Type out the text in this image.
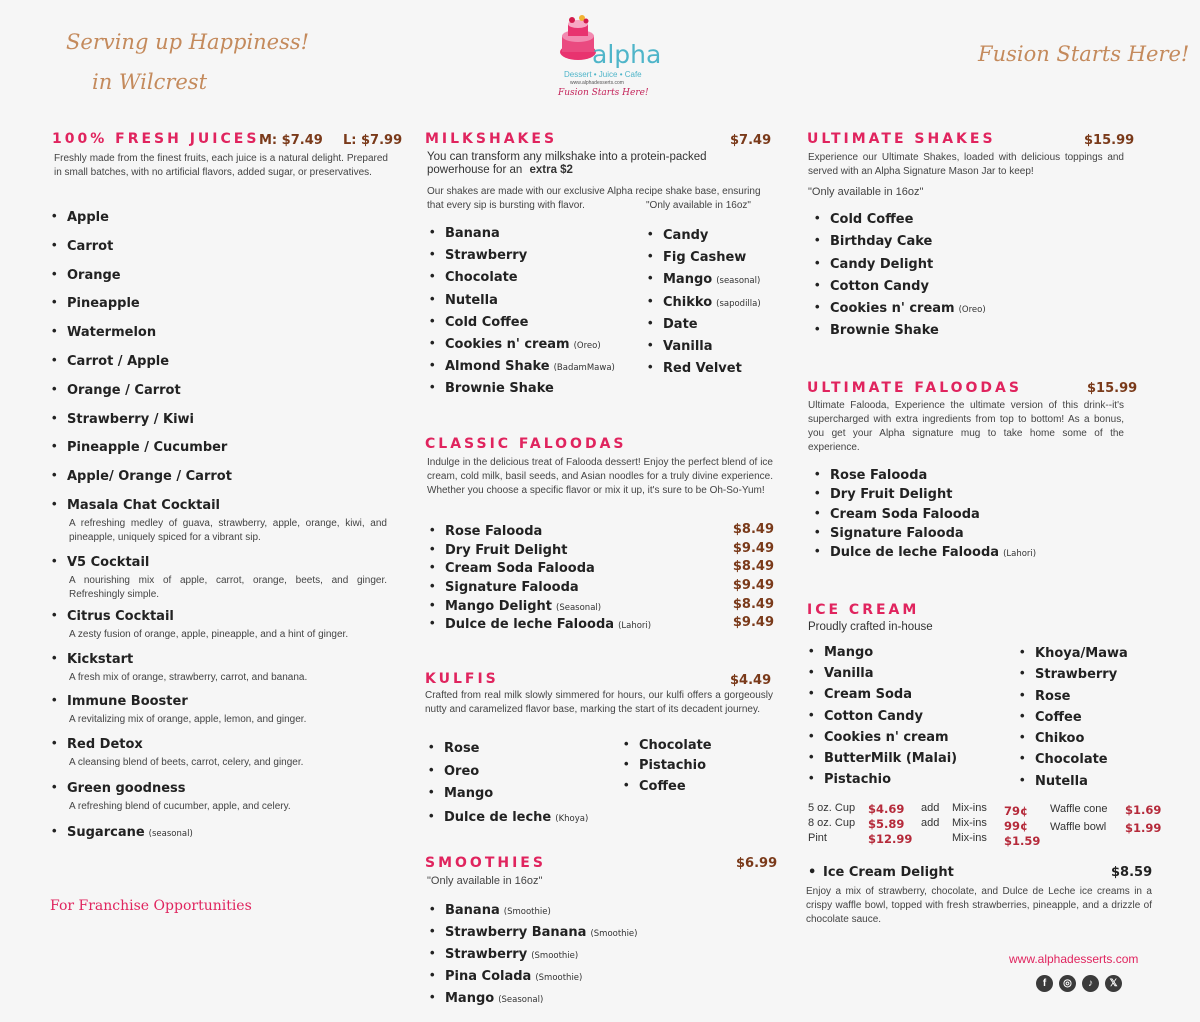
Serving up Happiness!
in Wilcrest
alpha
Dessert • Juice • Cafe
www.alphadesserts.com
Fusion Starts Here!
Fusion Starts Here!
100% FRESH JUICES M: $7.49 L: $7.99
Freshly made from the finest fruits, each juice is a natural delight. Prepared in small batches, with no artificial flavors, added sugar, or preservatives.
• Apple
• Carrot
• Orange
• Pineapple
• Watermelon
• Carrot / Apple
• Orange / Carrot
• Strawberry / Kiwi
• Pineapple / Cucumber
• Apple/ Orange / Carrot
• Masala Chat Cocktail
A refreshing medley of guava, strawberry, apple, orange, kiwi, and pineapple, uniquely spiced for a vibrant sip.
• V5 Cocktail
A nourishing mix of apple, carrot, orange, beets, and ginger. Refreshingly simple.
• Citrus Cocktail
A zesty fusion of orange, apple, pineapple, and a hint of ginger.
• Kickstart
A fresh mix of orange, strawberry, carrot, and banana.
• Immune Booster
A revitalizing mix of orange, apple, lemon, and ginger.
• Red Detox
A cleansing blend of beets, carrot, celery, and ginger.
• Green goodness
A refreshing blend of cucumber, apple, and celery.
• Sugarcane (seasonal)
For Franchise Opportunities
MILKSHAKES	$7.49
You can transform any milkshake into a protein-packed powerhouse for an extra $2
Our shakes are made with our exclusive Alpha recipe shake base, ensuring that every sip is bursting with flavor.	"Only available in 16oz"
• Banana
• Strawberry
• Chocolate
• Nutella
• Cold Coffee
• Cookies n' cream (Oreo)
• Almond Shake (BadamMawa)
• Brownie Shake
• Candy
• Fig Cashew
• Mango (seasonal)
• Chikko (sapodilla)
• Date
• Vanilla
• Red Velvet
CLASSIC FALOODAS
Indulge in the delicious treat of Falooda dessert! Enjoy the perfect blend of ice cream, cold milk, basil seeds, and Asian noodles for a truly divine experience. Whether you choose a specific flavor or mix it up, it's sure to be Oh-So-Yum!
• Rose Falooda	$8.49
• Dry Fruit Delight	$9.49
• Cream Soda Falooda	$8.49
• Signature Falooda	$9.49
• Mango Delight (Seasonal)	$8.49
• Dulce de leche Falooda (Lahori)	$9.49
KULFIS	$4.49
Crafted from real milk slowly simmered for hours, our kulfi offers a gorgeously nutty and caramelized flavor base, marking the start of its decadent journey.
• Rose
• Oreo
• Mango
• Dulce de leche (Khoya)
• Chocolate
• Pistachio
• Coffee
SMOOTHIES	$6.99
"Only available in 16oz"
• Banana (Smoothie)
• Strawberry Banana (Smoothie)
• Strawberry (Smoothie)
• Pina Colada (Smoothie)
• Mango (Seasonal)
ULTIMATE SHAKES	$15.99
Experience our Ultimate Shakes, loaded with delicious toppings and served with an Alpha Signature Mason Jar to keep!
"Only available in 16oz"
• Cold Coffee
• Birthday Cake
• Candy Delight
• Cotton Candy
• Cookies n' cream (Oreo)
• Brownie Shake
ULTIMATE FALOODAS	$15.99
Ultimate Falooda, Experience the ultimate version of this drink--it's supercharged with extra ingredients from top to bottom! As a bonus, you get your Alpha signature mug to take home some of the experience.
• Rose Falooda
• Dry Fruit Delight
• Cream Soda Falooda
• Signature Falooda
• Dulce de leche Falooda (Lahori)
ICE CREAM
Proudly crafted in-house
• Mango
• Vanilla
• Cream Soda
• Cotton Candy
• Cookies n' cream
• ButterMilk (Malai)
• Pistachio
• Khoya/Mawa
• Strawberry
• Rose
• Coffee
• Chikoo
• Chocolate
• Nutella
5 oz. Cup $4.69
8 oz. Cup $5.89
Pint	$12.99
add Mix-ins 79¢
add Mix-ins 99¢
Mix-ins $1.59
Waffle cone $1.69
Waffle bowl $1.99
• Ice Cream Delight	$8.59
Enjoy a mix of strawberry, chocolate, and Dulce de Leche ice creams in a crispy waffle bowl, topped with fresh strawberries, pineapple, and a drizzle of chocolate sauce.
www.alphadesserts.com
f	◎	♪	𝕏
